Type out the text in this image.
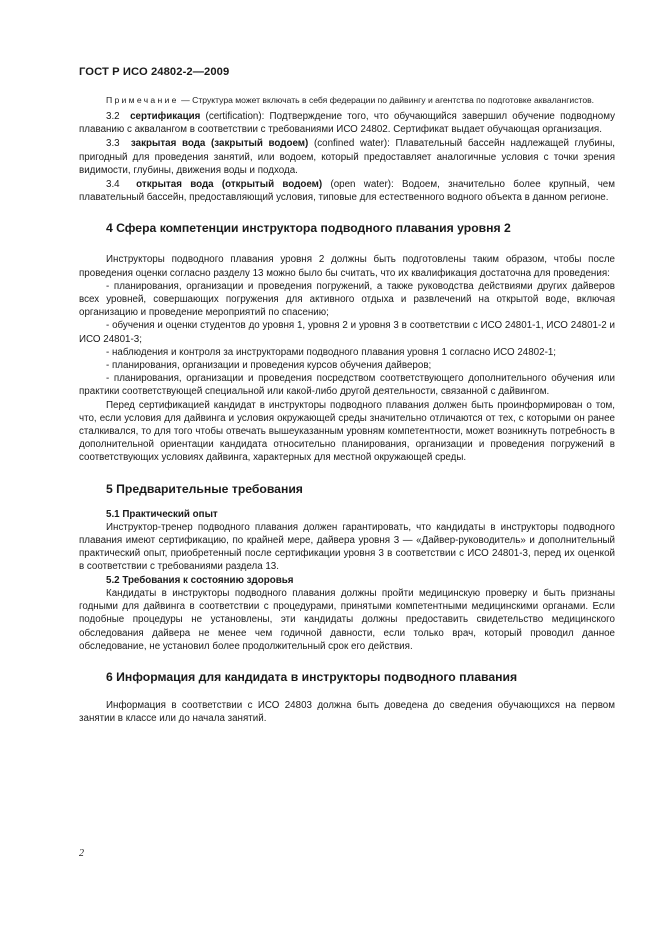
ГОСТ Р ИСО 24802-2—2009

Примечание — Структура может включать в себя федерации по дайвингу и агентства по подготовке аквалангистов.

3.2 сертификация (certification): Подтверждение того, что обучающийся завершил обучение подводному плаванию с аквалангом в соответствии с требованиями ИСО 24802. Сертификат выдает обучающая организация.

3.3 закрытая вода (закрытый водоем) (confined water): Плавательный бассейн надлежащей глубины, пригодный для проведения занятий, или водоем, который предоставляет аналогичные условия с точки зрения видимости, глубины, движения воды и подхода.

3.4 открытая вода (открытый водоем) (open water): Водоем, значительно более крупный, чем плавательный бассейн, предоставляющий условия, типовые для естественного водного объекта в данном регионе.

4 Сфера компетенции инструктора подводного плавания уровня 2

Инструкторы подводного плавания уровня 2 должны быть подготовлены таким образом, чтобы после проведения оценки согласно разделу 13 можно было бы считать, что их квалификация достаточна для проведения:

- планирования, организации и проведения погружений, а также руководства действиями других дайверов всех уровней, совершающих погружения для активного отдыха и развлечений на открытой воде, включая организацию и проведение мероприятий по спасению;

- обучения и оценки студентов до уровня 1, уровня 2 и уровня 3 в соответствии с ИСО 24801-1, ИСО 24801-2 и ИСО 24801-3;

- наблюдения и контроля за инструкторами подводного плавания уровня 1 согласно ИСО 24802-1;

- планирования, организации и проведения курсов обучения дайверов;

- планирования, организации и проведения посредством соответствующего дополнительного обучения или практики соответствующей специальной или какой-либо другой деятельности, связанной с дайвингом.

Перед сертификацией кандидат в инструкторы подводного плавания должен быть проинформирован о том, что, если условия для дайвинга и условия окружающей среды значительно отличаются от тех, с которыми он ранее сталкивался, то для того чтобы отвечать вышеуказанным уровням компетентности, может возникнуть потребность в дополнительной ориентации кандидата относительно планирования, организации и проведения погружений в соответствующих условиях дайвинга, характерных для местной окружающей среды.

5 Предварительные требования
5.1 Практический опыт

Инструктор-тренер подводного плавания должен гарантировать, что кандидаты в инструкторы подводного плавания имеют сертификацию, по крайней мере, дайвера уровня 3 — «Дайвер-руководитель» и дополнительный практический опыт, приобретенный после сертификации уровня 3 в соответствии с ИСО 24801-3, перед их оценкой в соответствии с требованиями раздела 13.

5.2 Требования к состоянию здоровья

Кандидаты в инструкторы подводного плавания должны пройти медицинскую проверку и быть признаны годными для дайвинга в соответствии с процедурами, принятыми компетентными медицинскими органами. Если подобные процедуры не установлены, эти кандидаты должны предоставить свидетельство медицинского обследования дайвера не менее чем годичной давности, если только врач, который проводил данное обследование, не установил более продолжительный срок его действия.

6 Информация для кандидата в инструкторы подводного плавания

Информация в соответствии с ИСО 24803 должна быть доведена до сведения обучающихся на первом занятии в классе или до начала занятий.

2
